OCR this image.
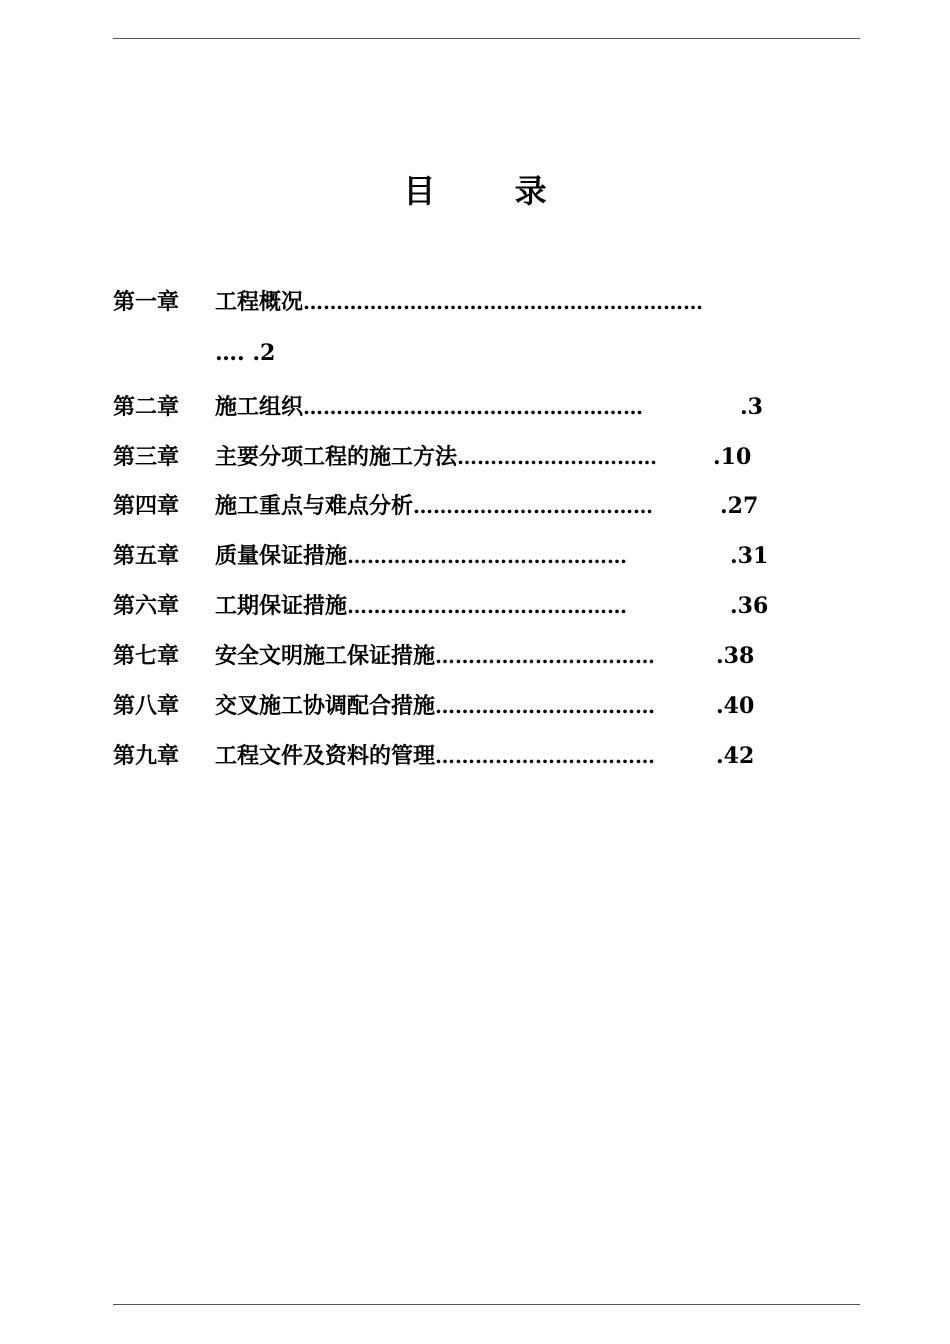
目 录
第一章	工程概况 ……………………………………………………
…. .2
第二章	施工组织 ……………………………………………	.3
第三章	主要分项工程的施工方法 …………………………	.10
第四章	施工重点与难点分析 ………………………………	.27
第五章	质量保证措施 ……………………………………	.31
第六章	工期保证措施 ……………………………………	.36
第七章	安全文明施工保证措施 ……………………………	.38
第八章	交叉施工协调配合措施 ……………………………	.40
第九章	工程文件及资料的管理 ……………………………	.42
